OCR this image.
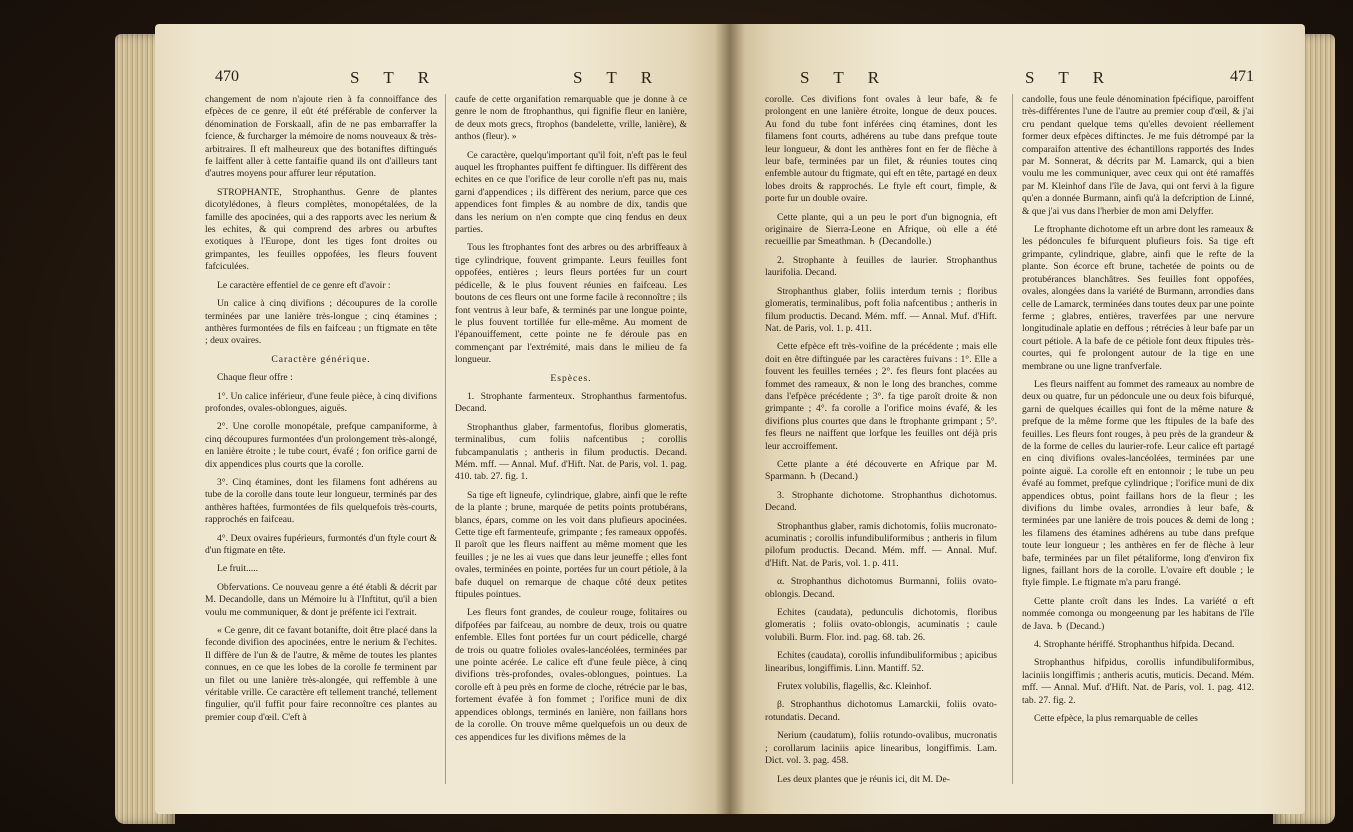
470	S T R	S T R

changement de nom n'ajoute rien à fa connoiffance des efpèces de ce genre, il eût été préférable de conferver la dénomination de Forskaall, afin de ne pas embarraffer la fcience, & furcharger la mémoire de noms nouveaux & très-arbitraires. Il eft malheureux que des botaniftes diftingués fe laiffent aller à cette fantaifie quand ils ont d'ailleurs tant d'autres moyens pour affurer leur réputation.

STROPHANTE, Strophanthus. Genre de plantes dicotylédones, à fleurs complètes, monopétalées, de la famille des apocinées, qui a des rapports avec les nerium & les echites, & qui comprend des arbres ou arbuftes exotiques à l'Europe, dont les tiges font droites ou grimpantes, les feuilles oppofées, les fleurs fouvent fafciculées.

Le caractère effentiel de ce genre eft d'avoir :

Un calice à cinq divifions ; découpures de la corolle terminées par une lanière très-longue ; cinq étamines ; anthères furmontées de fils en faifceau ; un ftigmate en tête ; deux ovaires.

Caractère générique.

Chaque fleur offre :

1°. Un calice inférieur, d'une feule pièce, à cinq divifions profondes, ovales-oblongues, aiguës.

2°. Une corolle monopétale, prefque campaniforme, à cinq découpures furmontées d'un prolongement très-alongé, en lanière étroite ; le tube court, évafé ; fon orifice garni de dix appendices plus courts que la corolle.

3°. Cinq étamines, dont les filamens font adhérens au tube de la corolle dans toute leur longueur, terminés par des anthères haftées, furmontées de fils quelquefois très-courts, rapprochés en faifceau.

4°. Deux ovaires fupérieurs, furmontés d'un ftyle court & d'un ftigmate en tête.

Le fruit.....

Obfervations. Ce nouveau genre a été établi & décrit par M. Decandolle, dans un Mémoire lu à l'Inftitut, qu'il a bien voulu me communiquer, & dont je préfente ici l'extrait.

« Ce genre, dit ce favant botanifte, doit être placé dans la feconde divifion des apocinées, entre le nerium & l'echites. Il diffère de l'un & de l'autre, & même de toutes les plantes connues, en ce que les lobes de la corolle fe terminent par un filet ou une lanière très-alongée, qui reffemble à une véritable vrille. Ce caractère eft tellement tranché, tellement fingulier, qu'il fuffit pour faire reconnoître ces plantes au premier coup d'œil. C'eft à

caufe de cette organifation remarquable que je donne à ce genre le nom de ftrophanthus, qui fignifie fleur en lanière, de deux mots grecs, ftrophos (bandelette, vrille, lanière), & anthos (fleur). »

Ce caractère, quelqu'important qu'il foit, n'eft pas le feul auquel les ftrophantes puiffent fe diftinguer. Ils diffèrent des echites en ce que l'orifice de leur corolle n'eft pas nu, mais garni d'appendices ; ils diffèrent des nerium, parce que ces appendices font fimples & au nombre de dix, tandis que dans les nerium on n'en compte que cinq fendus en deux parties.

Tous les ftrophantes font des arbres ou des arbriffeaux à tige cylindrique, fouvent grimpante. Leurs feuilles font oppofées, entières ; leurs fleurs portées fur un court pédicelle, & le plus fouvent réunies en faifceau. Les boutons de ces fleurs ont une forme facile à reconnoître ; ils font ventrus à leur bafe, & terminés par une longue pointe, le plus fouvent tortillée fur elle-même. Au moment de l'épanouiffement, cette pointe ne fe déroule pas en commençant par l'extrémité, mais dans le milieu de fa longueur.

Espèces.

1. Strophante farmenteux. Strophanthus farmentofus. Decand.

Strophanthus glaber, farmentofus, floribus glomeratis, terminalibus, cum foliis nafcentibus ; corollis fubcampanulatis ; antheris in filum productis. Decand. Mém. mff. — Annal. Muf. d'Hift. Nat. de Paris, vol. 1. pag. 410. tab. 27. fig. 1.

Sa tige eft ligneufe, cylindrique, glabre, ainfi que le refte de la plante ; brune, marquée de petits points protubérans, blancs, épars, comme on les voit dans plufieurs apocinées. Cette tige eft farmenteufe, grimpante ; fes rameaux oppofés. Il paroît que les fleurs naiffent au même moment que les feuilles ; je ne les ai vues que dans leur jeuneffe ; elles font ovales, terminées en pointe, portées fur un court pétiole, à la bafe duquel on remarque de chaque côté deux petites ftipules pointues.

Les fleurs font grandes, de couleur rouge, folitaires ou difpofées par faifceau, au nombre de deux, trois ou quatre enfemble. Elles font portées fur un court pédicelle, chargé de trois ou quatre folioles ovales-lancéolées, terminées par une pointe acérée. Le calice eft d'une feule pièce, à cinq divifions très-profondes, ovales-oblongues, pointues. La corolle eft à peu près en forme de cloche, rétrécie par le bas, fortement évafée à fon fommet ; l'orifice muni de dix appendices oblongs, terminés en lanière, non faillans hors de la corolle. On trouve même quelquefois un ou deux de ces appendices fur les divifions mêmes de la

S T R	S T R	471

corolle. Ces divifions font ovales à leur bafe, & fe prolongent en une lanière étroite, longue de deux pouces. Au fond du tube font inférées cinq étamines, dont les filamens font courts, adhérens au tube dans prefque toute leur longueur, & dont les anthères font en fer de flèche à leur bafe, terminées par un filet, & réunies toutes cinq enfemble autour du ftigmate, qui eft en tête, partagé en deux lobes droits & rapprochés. Le ftyle eft court, fimple, & porte fur un double ovaire.

Cette plante, qui a un peu le port d'un bignognia, eft originaire de Sierra-Leone en Afrique, où elle a été recueillie par Smeathman. ♄ (Decandolle.)

2. Strophante à feuilles de laurier. Strophanthus laurifolia. Decand.

Strophanthus glaber, foliis interdum ternis ; floribus glomeratis, terminalibus, poft folia nafcentibus ; antheris in filum productis. Decand. Mém. mff. — Annal. Muf. d'Hift. Nat. de Paris, vol. 1. p. 411.

Cette efpèce eft très-voifine de la précédente ; mais elle doit en être diftinguée par les caractères fuivans : 1°. Elle a fouvent les feuilles ternées ; 2°. fes fleurs font placées au fommet des rameaux, & non le long des branches, comme dans l'efpèce précédente ; 3°. fa tige paroît droite & non grimpante ; 4°. fa corolle a l'orifice moins évafé, & les divifions plus courtes que dans le ftrophante grimpant ; 5°. fes fleurs ne naiffent que lorfque les feuilles ont déjà pris leur accroiffement.

Cette plante a été découverte en Afrique par M. Sparmann. ♄ (Decand.)

3. Strophante dichotome. Strophanthus dichotomus. Decand.

Strophanthus glaber, ramis dichotomis, foliis mucronato-acuminatis ; corollis infundibuliformibus ; antheris in filum pilofum productis. Decand. Mém. mff. — Annal. Muf. d'Hift. Nat. de Paris, vol. 1. p. 411.

α. Strophanthus dichotomus Burmanni, foliis ovato-oblongis. Decand.

Echites (caudata), pedunculis dichotomis, floribus glomeratis ; foliis ovato-oblongis, acuminatis ; caule volubili. Burm. Flor. ind. pag. 68. tab. 26.

Echites (caudata), corollis infundibuliformibus ; apicibus linearibus, longiffimis. Linn. Mantiff. 52.

Frutex volubilis, flagellis, &c. Kleinhof.

β. Strophanthus dichotomus Lamarckii, foliis ovato-rotundatis. Decand.

Nerium (caudatum), foliis rotundo-ovalibus, mucronatis ; corollarum laciniis apice linearibus, longiffimis. Lam. Dict. vol. 3. pag. 458.

Les deux plantes que je réunis ici, dit M. De-

candolle, fous une feule dénomination fpécifique, paroiffent très-différentes l'une de l'autre au premier coup d'œil, & j'ai cru pendant quelque tems qu'elles devoient réellement former deux efpèces diftinctes. Je me fuis détrompé par la comparaifon attentive des échantillons rapportés des Indes par M. Sonnerat, & décrits par M. Lamarck, qui a bien voulu me les communiquer, avec ceux qui ont été ramaffés par M. Kleinhof dans l'île de Java, qui ont fervi à la figure qu'en a donnée Burmann, ainfi qu'à la defcription de Linné, & que j'ai vus dans l'herbier de mon ami Delyffer.

Le ftrophante dichotome eft un arbre dont les rameaux & les pédoncules fe bifurquent plufieurs fois. Sa tige eft grimpante, cylindrique, glabre, ainfi que le refte de la plante. Son écorce eft brune, tachetée de points ou de protubérances blanchâtres. Ses feuilles font oppofées, ovales, alongées dans la variété de Burmann, arrondies dans celle de Lamarck, terminées dans toutes deux par une pointe ferme ; glabres, entières, traverfées par une nervure longitudinale aplatie en deffous ; rétrécies à leur bafe par un court pétiole. A la bafe de ce pétiole font deux ftipules très-courtes, qui fe prolongent autour de la tige en une membrane ou une ligne tranfverfale.

Les fleurs naiffent au fommet des rameaux au nombre de deux ou quatre, fur un pédoncule une ou deux fois bifurqué, garni de quelques écailles qui font de la même nature & prefque de la même forme que les ftipules de la bafe des feuilles. Les fleurs font rouges, à peu près de la grandeur & de la forme de celles du laurier-rofe. Leur calice eft partagé en cinq divifions ovales-lancéolées, terminées par une pointe aiguë. La corolle eft en entonnoir ; le tube un peu évafé au fommet, prefque cylindrique ; l'orifice muni de dix appendices obtus, point faillans hors de la fleur ; les divifions du limbe ovales, arrondies à leur bafe, & terminées par une lanière de trois pouces & demi de long ; les filamens des étamines adhérens au tube dans prefque toute leur longueur ; les anthères en fer de flèche à leur bafe, terminées par un filet pétaliforme, long d'environ fix lignes, faillant hors de la corolle. L'ovaire eft double ; le ftyle fimple. Le ftigmate m'a paru frangé.

Cette plante croît dans les Indes. La variété α eft nommée comonga ou mongeenung par les habitans de l'île de Java. ♄ (Decand.)

4. Strophante hériffé. Strophanthus hifpida. Decand.

Strophanthus hifpidus, corollis infundibuliformibus, laciniis longiffimis ; antheris acutis, muticis. Decand. Mém. mff. — Annal. Muf. d'Hift. Nat. de Paris, vol. 1. pag. 412. tab. 27. fig. 2.

Cette efpèce, la plus remarquable de celles
